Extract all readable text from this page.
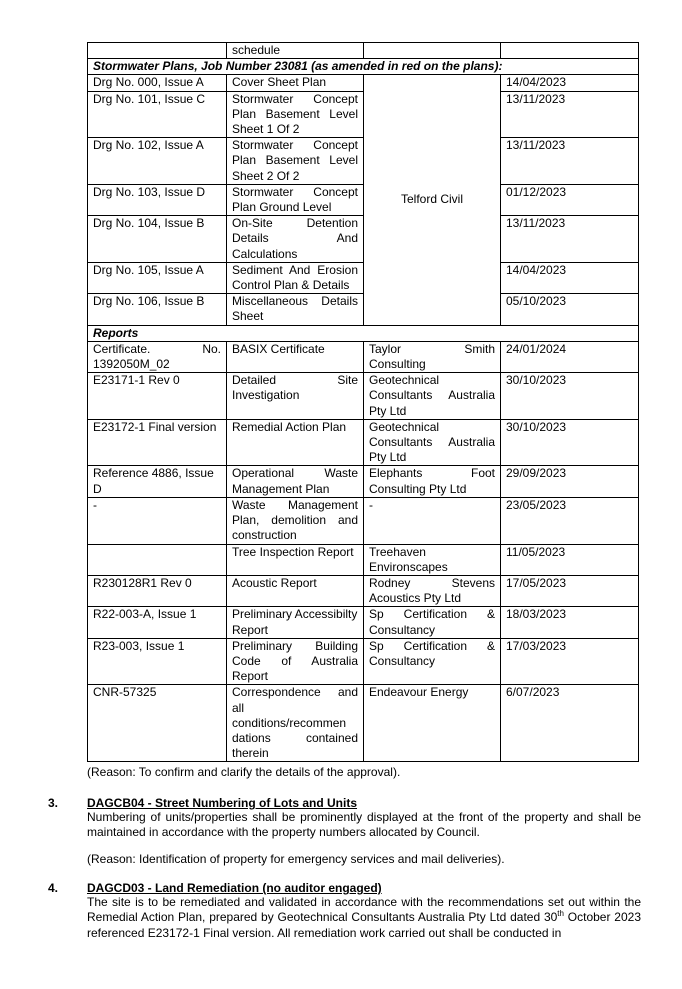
	schedule		
Stormwater Plans, Job Number 23081 (as amended in red on the plans):			
Drg No. 000, Issue A	Cover Sheet Plan	Telford Civil	14/04/2023
Drg No. 101, Issue C	Stormwater Concept Plan Basement Level Sheet 1 Of 2		13/11/2023
Drg No. 102, Issue A	Stormwater Concept Plan Basement Level Sheet 2 Of 2		13/11/2023
Drg No. 103, Issue D	Stormwater Concept Plan Ground Level		01/12/2023
Drg No. 104, Issue B	On-Site Detention Details And Calculations		13/11/2023
Drg No. 105, Issue A	Sediment And Erosion Control Plan & Details		14/04/2023
Drg No. 106, Issue B	Miscellaneous Details Sheet		05/10/2023
Reports			
Certificate. No. 1392050M_02	BASIX Certificate	Taylor Smith Consulting	24/01/2024
E23171-1 Rev 0	Detailed Site Investigation	Geotechnical Consultants Australia Pty Ltd	30/10/2023
E23172-1 Final version	Remedial Action Plan	Geotechnical Consultants Australia Pty Ltd	30/10/2023
Reference 4886, Issue D	Operational Waste Management Plan	Elephants Foot Consulting Pty Ltd	29/09/2023
-	Waste Management Plan, demolition and construction	-	23/05/2023
	Tree Inspection Report	Treehaven Environscapes	11/05/2023
R230128R1 Rev 0	Acoustic Report	Rodney Stevens Acoustics Pty Ltd	17/05/2023
R22-003-A, Issue 1	Preliminary Accessibilty Report	Sp Certification & Consultancy	18/03/2023
R23-003, Issue 1	Preliminary Building Code of Australia Report	Sp Certification & Consultancy	17/03/2023
CNR-57325	Correspondence and all conditions/recommen dations contained therein	Endeavour Energy	6/07/2023
(Reason: To confirm and clarify the details of the approval).
3. DAGCB04 - Street Numbering of Lots and Units
Numbering of units/properties shall be prominently displayed at the front of the property and shall be maintained in accordance with the property numbers allocated by Council.
(Reason: Identification of property for emergency services and mail deliveries).
4. DAGCD03 - Land Remediation (no auditor engaged)
The site is to be remediated and validated in accordance with the recommendations set out within the Remedial Action Plan, prepared by Geotechnical Consultants Australia Pty Ltd dated 30th October 2023 referenced E23172-1 Final version. All remediation work carried out shall be conducted in
